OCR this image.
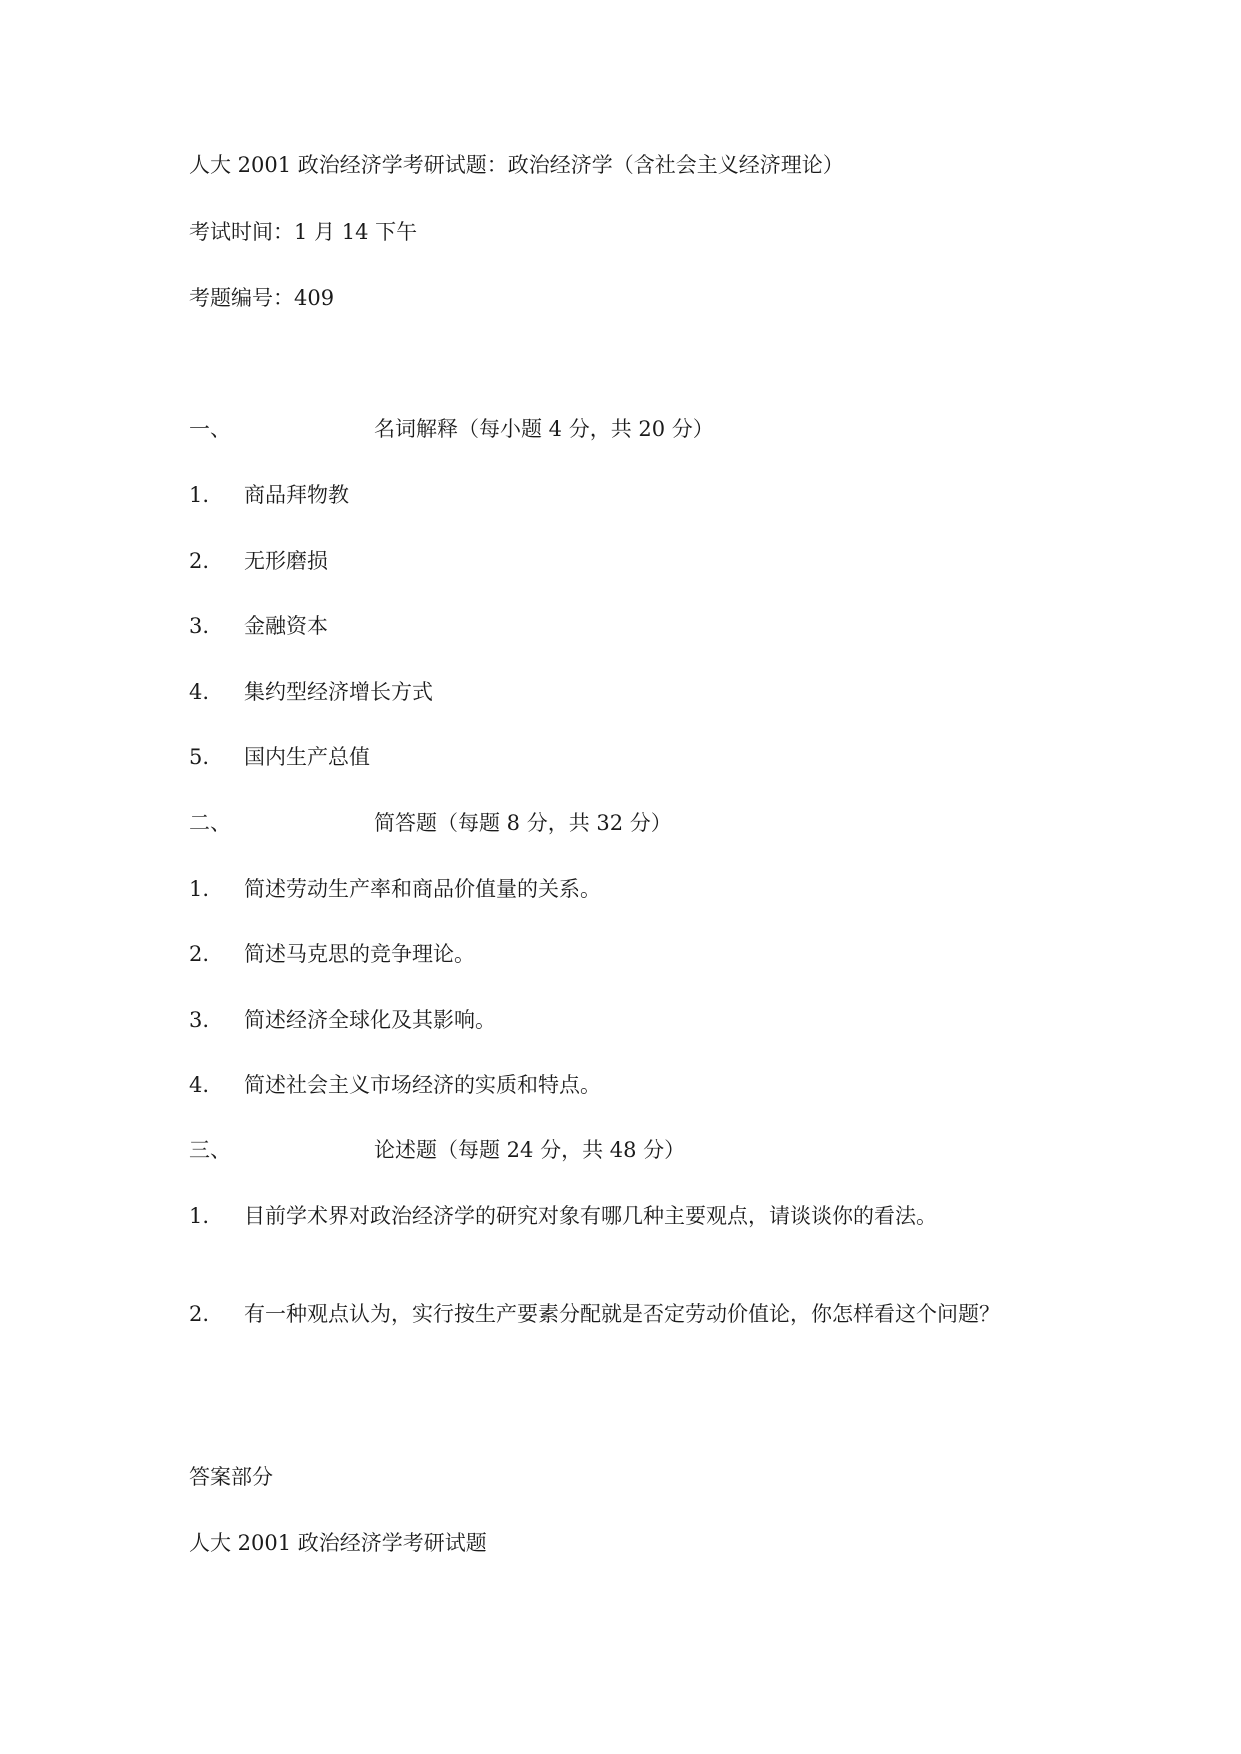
人大 2001 政治经济学考研试题：政治经济学（含社会主义经济理论）
考试时间：1 月 14 下午
考题编号：409
一、	名词解释（每小题 4 分，共 20 分）
1. 商品拜物教
2. 无形磨损
3. 金融资本
4. 集约型经济增长方式
5. 国内生产总值
二、	简答题（每题 8 分，共 32 分）
1. 简述劳动生产率和商品价值量的关系。
2. 简述马克思的竞争理论。
3. 简述经济全球化及其影响。
4. 简述社会主义市场经济的实质和特点。
三、	论述题（每题 24 分，共 48 分）
1. 目前学术界对政治经济学的研究对象有哪几种主要观点，请谈谈你的看法。
2. 有一种观点认为，实行按生产要素分配就是否定劳动价值论，你怎样看这个问题？
答案部分
人大 2001 政治经济学考研试题
